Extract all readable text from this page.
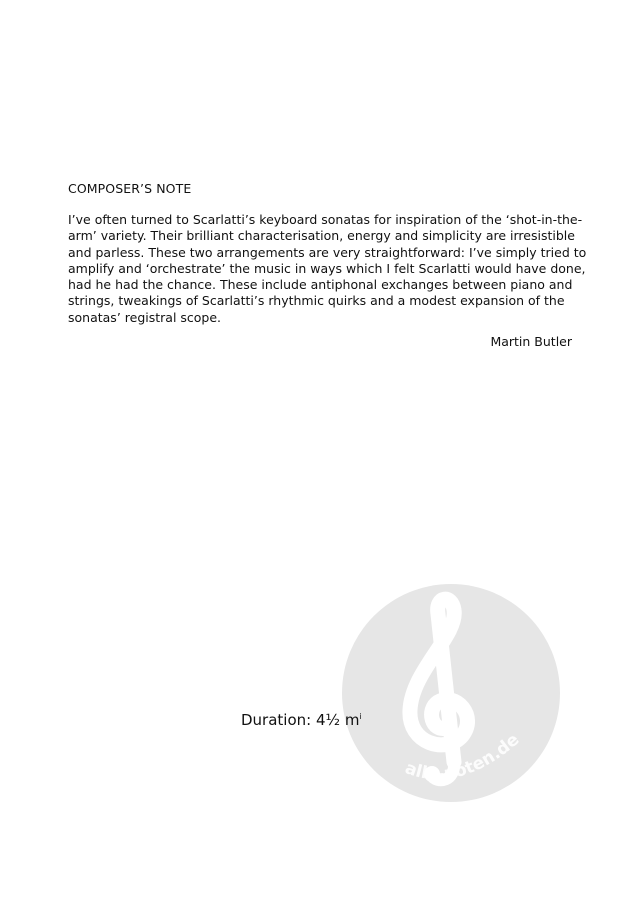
COMPOSER’S NOTE
I’ve often turned to Scarlatti’s keyboard sonatas for inspiration of the ‘shot-in-the-
arm’ variety. Their brilliant characterisation, energy and simplicity are irresistible
and parless. These two arrangements are very straightforward: I’ve simply tried to
amplify and ‘orchestrate’ the music in ways which I felt Scarlatti would have done,
had he had the chance. These include antiphonal exchanges between piano and
strings, tweakings of Scarlatti’s rhythmic quirks and a modest expansion of the
sonatas’ registral scope.
Martin Butler
alle-noten.de
Duration: 4½ $m^i$
